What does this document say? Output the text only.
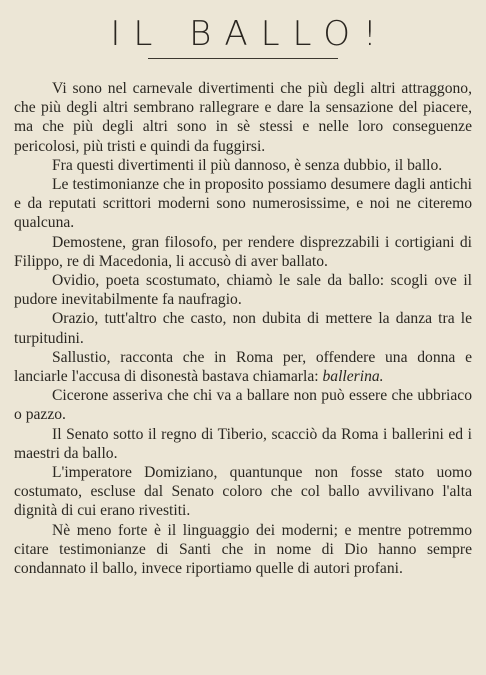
IL BALLO!

Vi sono nel carnevale divertimenti che più degli altri attraggono, che più degli altri sembrano rallegrare e dare la sensazione del piacere, ma che più degli altri sono in sè stessi e nelle loro conseguenze pericolosi, più tristi e quindi da fuggirsi.

Fra questi divertimenti il più dannoso, è senza dubbio, il ballo.

Le testimonianze che in proposito possiamo desumere dagli antichi e da reputati scrittori moderni sono numerosissime, e noi ne citeremo qualcuna.

Demostene, gran filosofo, per rendere disprezzabili i cortigiani di Filippo, re di Macedonia, li accusò di aver ballato.

Ovidio, poeta scostumato, chiamò le sale da ballo: scogli ove il pudore inevitabilmente fa naufragio.

Orazio, tutt'altro che casto, non dubita di mettere la danza tra le turpitudini.

Sallustio, racconta che in Roma per, offendere una donna e lanciarle l'accusa di disonestà bastava chiamarla: ballerina.

Cicerone asseriva che chi va a ballare non può essere che ubbriaco o pazzo.

Il Senato sotto il regno di Tiberio, scacciò da Roma i ballerini ed i maestri da ballo.

L'imperatore Domiziano, quantunque non fosse stato uomo costumato, escluse dal Senato coloro che col ballo avvilivano l'alta dignità di cui erano rivestiti.

Nè meno forte è il linguaggio dei moderni; e mentre potremmo citare testimonianze di Santi che in nome di Dio hanno sempre condannato il ballo, invece riportiamo quelle di autori profani.
